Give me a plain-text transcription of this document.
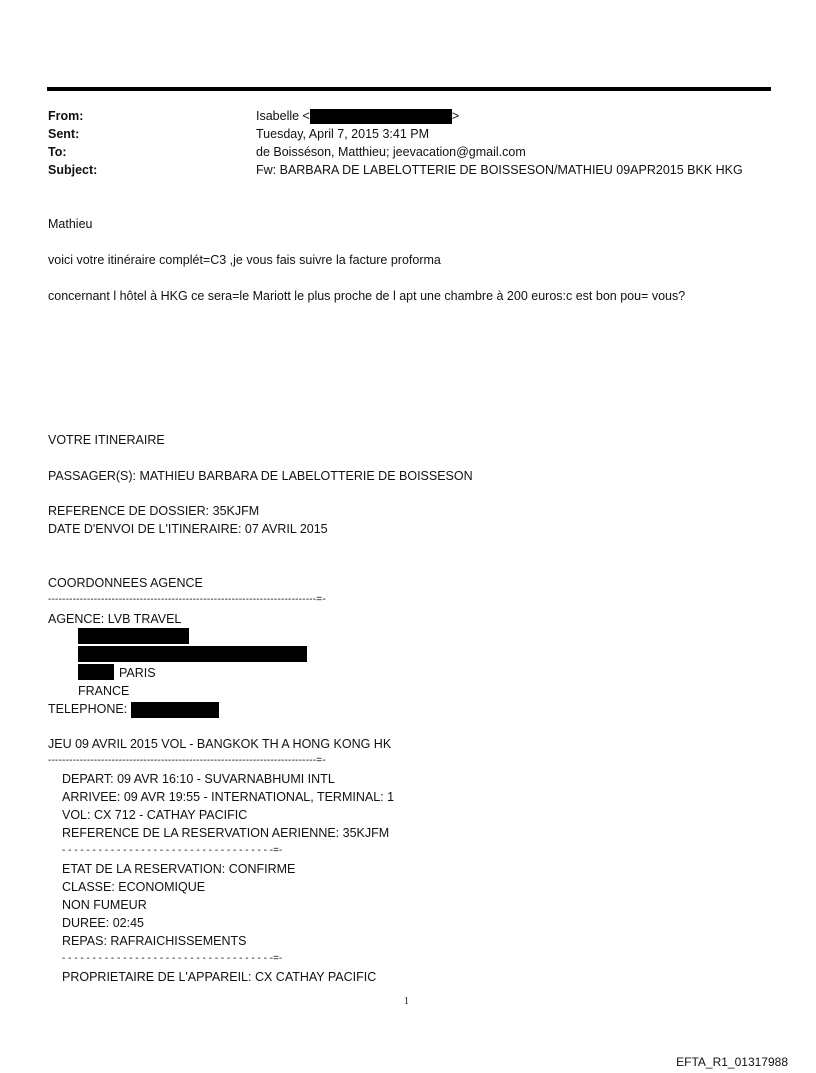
From:	Isabelle <	>
Sent:	Tuesday, April 7, 2015 3:41 PM
To:	de Boisséson, Matthieu; jeevacation@gmail.com
Subject:	Fw: BARBARA DE LABELOTTERIE DE BOISSESON/MATHIEU 09APR2015 BKK HKG
Mathieu
voici votre itinéraire complét=C3 ,je vous fais suivre la facture proforma
concernant l hôtel à HKG ce sera=le Mariott le plus proche de l apt une chambre à 200 euros:c est bon pou= vous?
VOTRE ITINERAIRE
PASSAGER(S): MATHIEU BARBARA DE LABELOTTERIE DE BOISSESON
REFERENCE DE DOSSIER: 35KJFM
DATE D'ENVOI DE L'ITINERAIRE: 07 AVRIL 2015
COORDONNEES AGENCE
----------------------------------------------------------------------------=-
AGENCE: LVB TRAVEL
PARIS
FRANCE
TELEPHONE:
JEU 09 AVRIL 2015 VOL - BANGKOK TH A HONG KONG HK
----------------------------------------------------------------------------=-
DEPART: 09 AVR 16:10 - SUVARNABHUMI INTL
ARRIVEE: 09 AVR 19:55 - INTERNATIONAL, TERMINAL: 1
VOL: CX 712 - CATHAY PACIFIC
REFERENCE DE LA RESERVATION AERIENNE: 35KJFM
- - - - - - - - - - - - - - - - - - - - - - - - - - - - - - - - - - -=-
ETAT DE LA RESERVATION: CONFIRME
CLASSE: ECONOMIQUE
NON FUMEUR
DUREE: 02:45
REPAS: RAFRAICHISSEMENTS
- - - - - - - - - - - - - - - - - - - - - - - - - - - - - - - - - - -=-
PROPRIETAIRE DE L'APPAREIL: CX CATHAY PACIFIC
1
EFTA_R1_01317988
